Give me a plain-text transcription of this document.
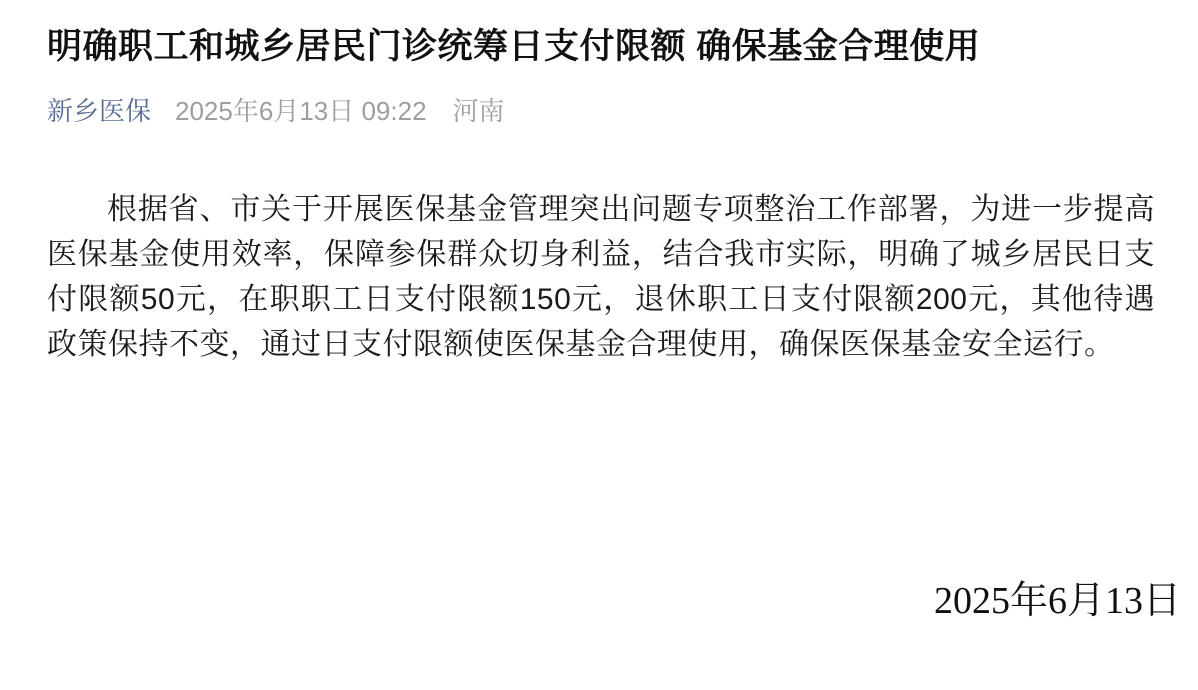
明确职工和城乡居民门诊统筹日支付限额 确保基金合理使用
新乡医保 2025年6月13日 09:22 河南

根据省、市关于开展医保基金管理突出问题专项整治工作部署，为进一步提高医保基金使用效率，保障参保群众切身利益，结合我市实际，明确了城乡居民日支付限额50元，在职职工日支付限额150元，退休职工日支付限额200元，其他待遇政策保持不变，通过日支付限额使医保基金合理使用，确保医保基金安全运行。

2025年6月13日
